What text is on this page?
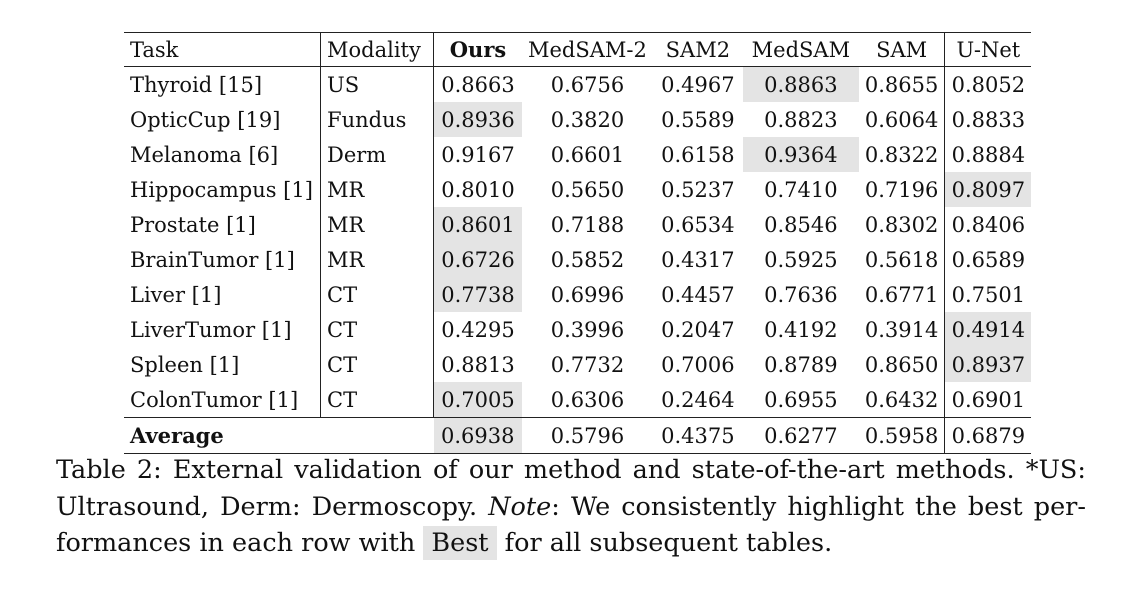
Task	Modality	Ours	MedSAM-2	SAM2	MedSAM	SAM	U-Net
Thyroid [15]	US	0.8663	0.6756	0.4967	0.8863	0.8655	0.8052
OpticCup [19]	Fundus	0.8936	0.3820	0.5589	0.8823	0.6064	0.8833
Melanoma [6]	Derm	0.9167	0.6601	0.6158	0.9364	0.8322	0.8884
Hippocampus [1]	MR	0.8010	0.5650	0.5237	0.7410	0.7196	0.8097
Prostate [1]	MR	0.8601	0.7188	0.6534	0.8546	0.8302	0.8406
BrainTumor [1]	MR	0.6726	0.5852	0.4317	0.5925	0.5618	0.6589
Liver [1]	CT	0.7738	0.6996	0.4457	0.7636	0.6771	0.7501
LiverTumor [1]	CT	0.4295	0.3996	0.2047	0.4192	0.3914	0.4914
Spleen [1]	CT	0.8813	0.7732	0.7006	0.8789	0.8650	0.8937
ColonTumor [1]	CT	0.7005	0.6306	0.2464	0.6955	0.6432	0.6901
Average		0.6938	0.5796	0.4375	0.6277	0.5958	0.6879
Table 2: External validation of our method and state-of-the-art methods. *US:
Ultrasound, Derm: Dermoscopy. Note: We consistently highlight the best per-
formances in each row with Best for all subsequent tables.
